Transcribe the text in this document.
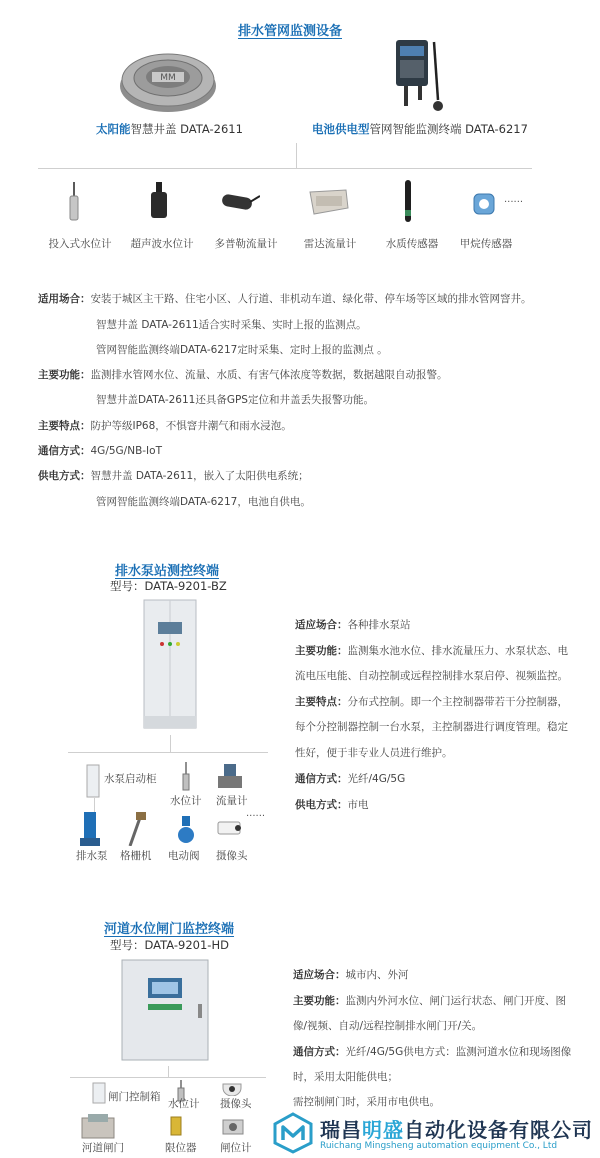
排水管网监测设备
MM
太阳能智慧井盖 DATA-2611	电池供电型管网智能监测终端 DATA-6217
......
投入式水位计	超声波水位计	多普勒流量计	雷达流量计	水质传感器	甲烷传感器
适用场合：安装于城区主干路、住宅小区、人行道、非机动车道、绿化带、停车场等区域的排水管网窨井。
智慧井盖 DATA-2611适合实时采集、实时上报的监测点。
管网智能监测终端DATA-6217定时采集、定时上报的监测点 。
主要功能：监测排水管网水位、流量、水质、有害气体浓度等数据，数据越限自动报警。
智慧井盖DATA-2611还具备GPS定位和井盖丢失报警功能。
主要特点：防护等级IP68，不惧窨井潮气和雨水浸泡。
通信方式：4G/5G/NB-IoT
供电方式：智慧井盖 DATA-2611，嵌入了太阳供电系统；
管网智能监测终端DATA-6217，电池自供电。
排水泵站测控终端
型号：DATA-9201-BZ
水泵启动柜
水位计 流量计
排水泵 格栅机 电动阀
......
摄像头
适应场合：各种排水泵站
主要功能：监测集水池水位、排水流量压力、水泵状态、电
流电压电能、自动控制或远程控制排水泵启停、视频监控。
主要特点：分布式控制。即一个主控制器带若干分控制器，
每个分控制器控制一台水泵，主控制器进行调度管理。稳定
性好，便于非专业人员进行维护。
通信方式：光纤/4G/5G
供电方式：市电
河道水位闸门监控终端
型号：DATA-9201-HD
闸门控制箱
水位计 摄像头
河道闸门	限位器 闸位计
适应场合：城市内、外河
主要功能：监测内外河水位、闸门运行状态、闸门开度、图
像/视频、自动/远程控制排水闸门开/关。
通信方式：光纤/4G/5G供电方式：监测河道水位和现场图像
时，采用太阳能供电；
需控制闸门时，采用市电供电。
瑞昌明盛自动化设备有限公司
Ruichang Mingsheng automation equipment Co., Ltd
